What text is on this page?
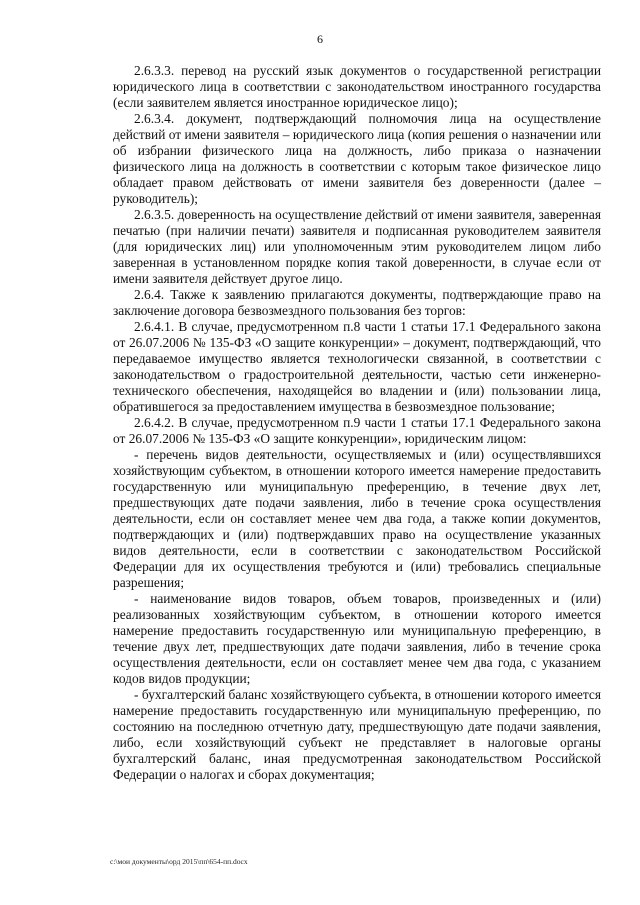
6

2.6.3.3. перевод на русский язык документов о государственной регистрации юридического лица в соответствии с законодательством иностранного государства (если заявителем является иностранное юридическое лицо);

2.6.3.4. документ, подтверждающий полномочия лица на осуществление действий от имени заявителя – юридического лица (копия решения о назначении или об избрании физического лица на должность, либо приказа о назначении физического лица на должность в соответствии с которым такое физическое лицо обладает правом действовать от имени заявителя без доверенности (далее – руководитель);

2.6.3.5. доверенность на осуществление действий от имени заявителя, заверенная печатью (при наличии печати) заявителя и подписанная руководителем заявителя (для юридических лиц) или уполномоченным этим руководителем лицом либо заверенная в установленном порядке копия такой доверенности, в случае если от имени заявителя действует другое лицо.

2.6.4. Также к заявлению прилагаются документы, подтверждающие право на заключение договора безвозмездного пользования без торгов:

2.6.4.1. В случае, предусмотренном п.8 части 1 статьи 17.1 Федерального закона от 26.07.2006 № 135-ФЗ «О защите конкуренции» – документ, подтверждающий, что передаваемое имущество является технологически связанной, в соответствии с законодательством о градостроительной деятельности, частью сети инженерно-технического обеспечения, находящейся во владении и (или) пользовании лица, обратившегося за предоставлением имущества в безвозмездное пользование;

2.6.4.2. В случае, предусмотренном п.9 части 1 статьи 17.1 Федерального закона от 26.07.2006 № 135-ФЗ «О защите конкуренции», юридическим лицом:

- перечень видов деятельности, осуществляемых и (или) осуществлявшихся хозяйствующим субъектом, в отношении которого имеется намерение предоставить государственную или муниципальную преференцию, в течение двух лет, предшествующих дате подачи заявления, либо в течение срока осуществления деятельности, если он составляет менее чем два года, а также копии документов, подтверждающих и (или) подтверждавших право на осуществление указанных видов деятельности, если в соответствии с законодательством Российской Федерации для их осуществления требуются и (или) требовались специальные разрешения;

- наименование видов товаров, объем товаров, произведенных и (или) реализованных хозяйствующим субъектом, в отношении которого имеется намерение предоставить государственную или муниципальную преференцию, в течение двух лет, предшествующих дате подачи заявления, либо в течение срока осуществления деятельности, если он составляет менее чем два года, с указанием кодов видов продукции;

- бухгалтерский баланс хозяйствующего субъекта, в отношении которого имеется намерение предоставить государственную или муниципальную преференцию, по состоянию на последнюю отчетную дату, предшествующую дате подачи заявления, либо, если хозяйствующий субъект не представляет в налоговые органы бухгалтерский баланс, иная предусмотренная законодательством Российской Федерации о налогах и сборах документация;

c:\мои документы\орд 2015\пп\654-пп.docx
